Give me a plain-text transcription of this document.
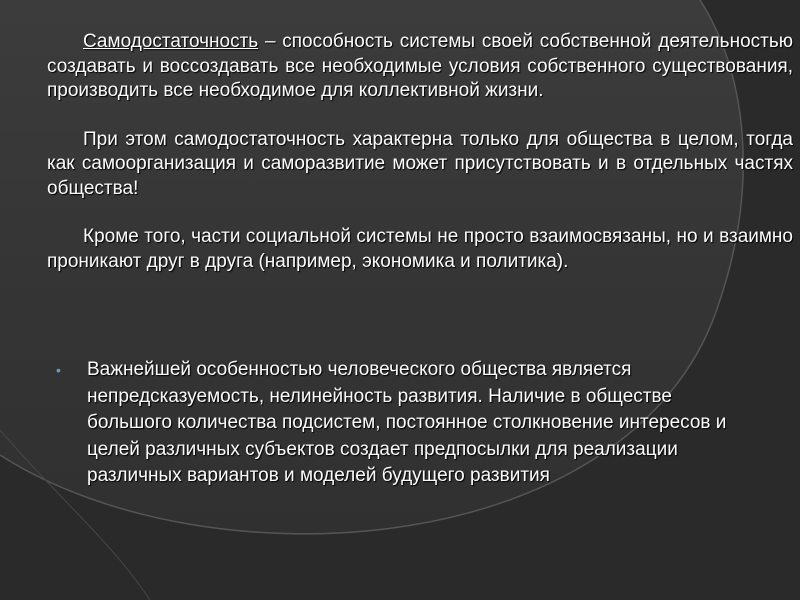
Самодостаточность – способность системы своей собственной деятельностью создавать и воссоздавать все необходимые условия собственного существования, производить все необходимое для коллективной жизни.

При этом самодостаточность характерна только для общества в целом, тогда как самоорганизация и саморазвитие может присутствовать и в отдельных частях общества!

Кроме того, части социальной системы не просто взаимосвязаны, но и взаимно проникают друг в друга (например, экономика и политика).

• Важнейшей особенностью человеческого общества является непредсказуемость, нелинейность развития. Наличие в обществе большого количества подсистем, постоянное столкновение интересов и целей различных субъектов создает предпосылки для реализации различных вариантов и моделей будущего развития
